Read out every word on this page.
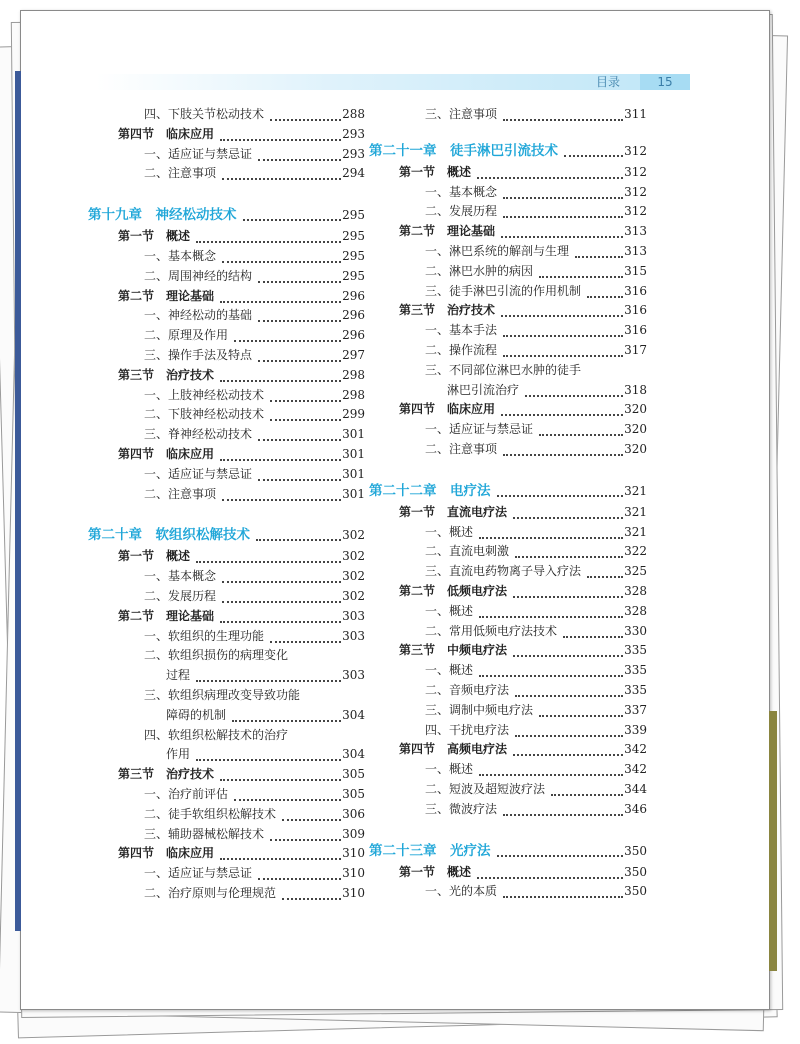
目录	15
四、下肢关节松动技术	288
第四节　临床应用	293
一、适应证与禁忌证	293
二、注意事项	294
第十九章　神经松动技术	295
第一节　概述	295
一、基本概念	295
二、周围神经的结构	295
第二节　理论基础	296
一、神经松动的基础	296
二、原理及作用	296
三、操作手法及特点	297
第三节　治疗技术	298
一、上肢神经松动技术	298
二、下肢神经松动技术	299
三、脊神经松动技术	301
第四节　临床应用	301
一、适应证与禁忌证	301
二、注意事项	301
第二十章　软组织松解技术	302
第一节　概述	302
一、基本概念	302
二、发展历程	302
第二节　理论基础	303
一、软组织的生理功能	303
二、软组织损伤的病理变化
过程	303
三、软组织病理改变导致功能
障碍的机制	304
四、软组织松解技术的治疗
作用	304
第三节　治疗技术	305
一、治疗前评估	305
二、徒手软组织松解技术	306
三、辅助器械松解技术	309
第四节　临床应用	310
一、适应证与禁忌证	310
二、治疗原则与伦理规范	310
三、注意事项	311
第二十一章　徒手淋巴引流技术	312
第一节　概述	312
一、基本概念	312
二、发展历程	312
第二节　理论基础	313
一、淋巴系统的解剖与生理	313
二、淋巴水肿的病因	315
三、徒手淋巴引流的作用机制	316
第三节　治疗技术	316
一、基本手法	316
二、操作流程	317
三、不同部位淋巴水肿的徒手
淋巴引流治疗	318
第四节　临床应用	320
一、适应证与禁忌证	320
二、注意事项	320
第二十二章　电疗法	321
第一节　直流电疗法	321
一、概述	321
二、直流电刺激	322
三、直流电药物离子导入疗法	325
第二节　低频电疗法	328
一、概述	328
二、常用低频电疗法技术	330
第三节　中频电疗法	335
一、概述	335
二、音频电疗法	335
三、调制中频电疗法	337
四、干扰电疗法	339
第四节　高频电疗法	342
一、概述	342
二、短波及超短波疗法	344
三、微波疗法	346
第二十三章　光疗法	350
第一节　概述	350
一、光的本质	350
